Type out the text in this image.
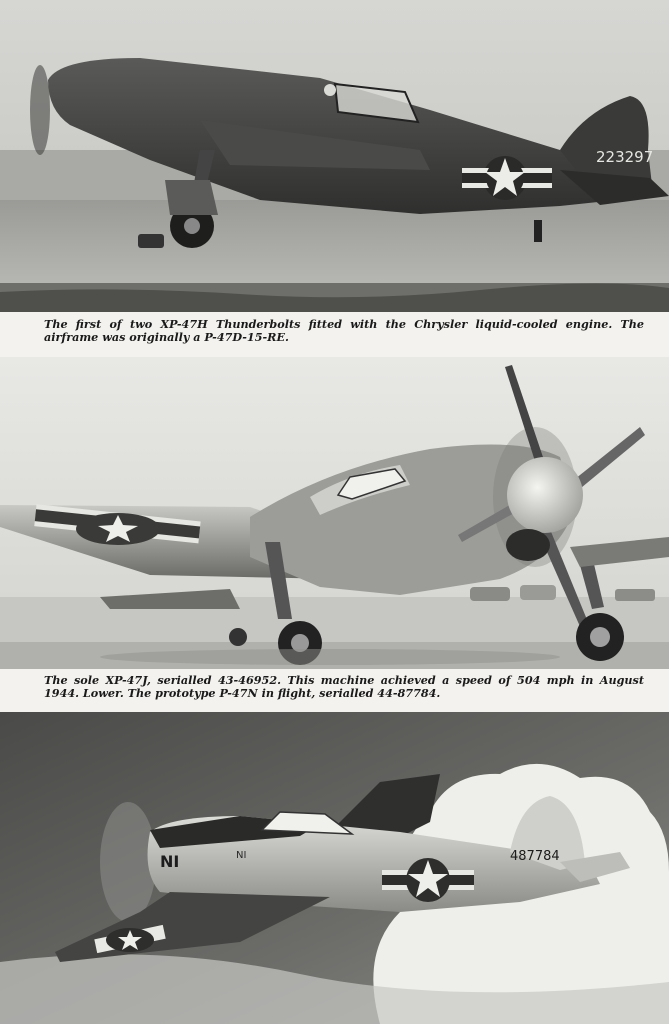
223297

The first of two XP-47H Thunderbolts fitted with the Chrysler liquid-cooled engine. The airframe was originally a P-47D-15-RE.

The sole XP-47J, serialled 43-46952. This machine achieved a speed of 504 mph in August 1944. Lower. The prototype P-47N in flight, serialled 44-87784.

NI	NI	487784
